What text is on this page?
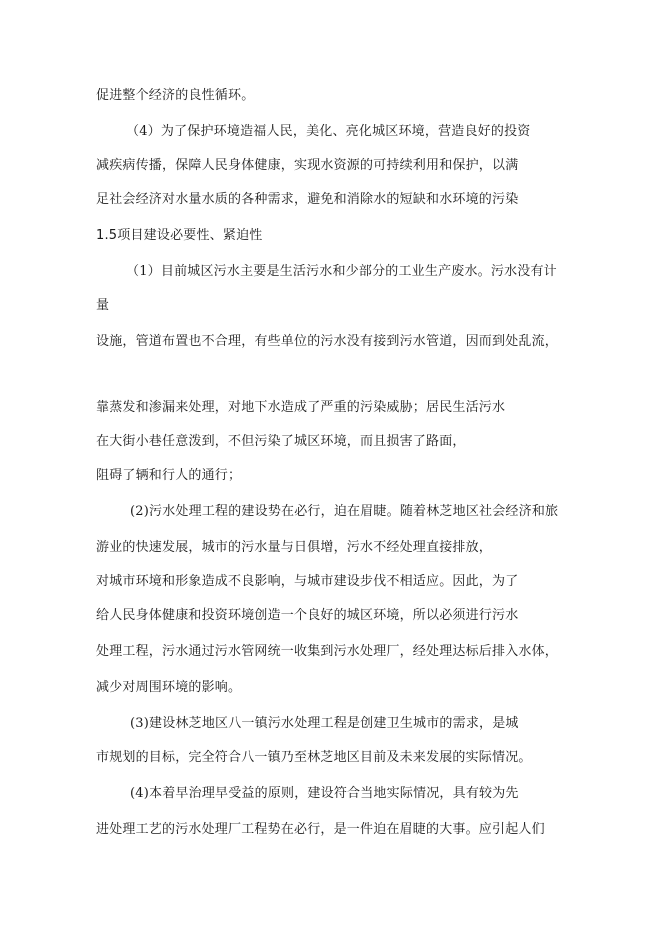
促进整个经济的良性循环。
（4）为了保护环境造福人民，美化、亮化城区环境，营造良好的投资
减疾病传播，保障人民身体健康，实现水资源的可持续利用和保护，以满
足社会经济对水量水质的各种需求，避免和消除水的短缺和水环境的污染
1.5项目建设必要性、紧迫性
（1）目前城区污水主要是生活污水和少部分的工业生产废水。污水没有计
量
设施，管道布置也不合理，有些单位的污水没有接到污水管道，因而到处乱流，
靠蒸发和渗漏来处理，对地下水造成了严重的污染威胁；居民生活污水
在大街小巷任意泼到，不但污染了城区环境，而且损害了路面，
阻碍了辆和行人的通行；
(2)污水处理工程的建设势在必行，迫在眉睫。随着林芝地区社会经济和旅
游业的快速发展，城市的污水量与日俱增，污水不经处理直接排放，
对城市环境和形象造成不良影响，与城市建设步伐不相适应。因此，为了
给人民身体健康和投资环境创造一个良好的城区环境，所以必须进行污水
处理工程，污水通过污水管网统一收集到污水处理厂，经处理达标后排入水体，
减少对周围环境的影响。
(3)建设林芝地区八一镇污水处理工程是创建卫生城市的需求，是城
市规划的目标，完全符合八一镇乃至林芝地区目前及未来发展的实际情况。
(4)本着早治理早受益的原则，建设符合当地实际情况，具有较为先
进处理工艺的污水处理厂工程势在必行，是一件迫在眉睫的大事。应引起人们
